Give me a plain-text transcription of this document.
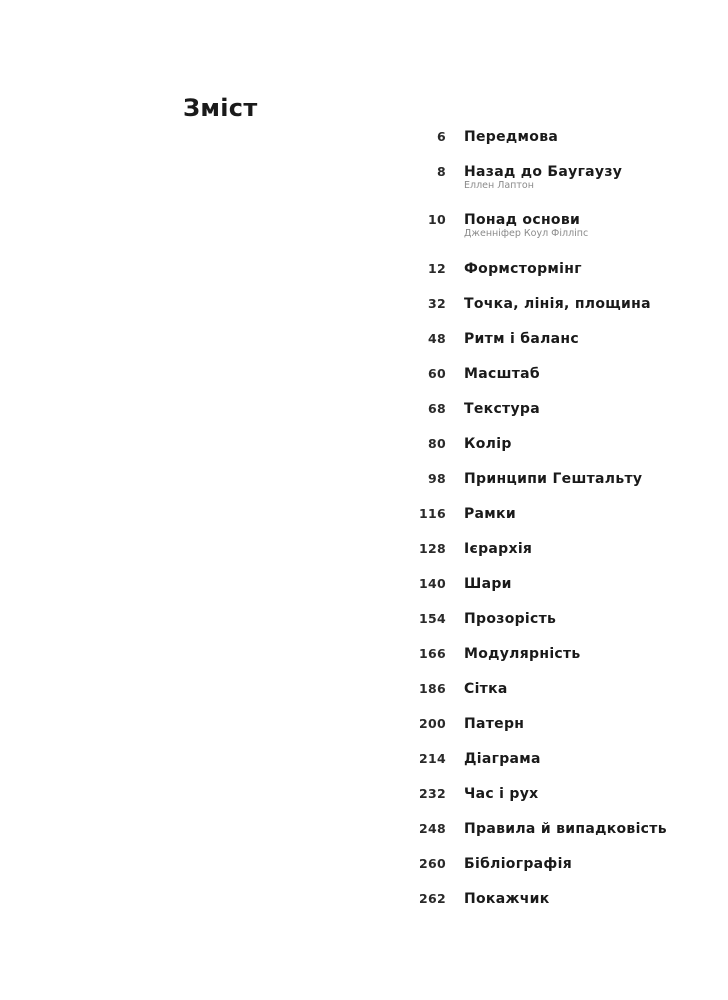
Зміст
6 Передмова
8 Назад до Баугаузу
Еллен Лаптон
10 Понад основи
Дженніфер Коул Філліпс
12 Формстормінг
32 Точка, лінія, площина
48 Ритм і баланс
60 Масштаб
68 Текстура
80 Колір
98 Принципи Гештальту
116 Рамки
128 Ієрархія
140 Шари
154 Прозорість
166 Модулярність
186 Сітка
200 Патерн
214 Діаграма
232 Час і рух
248 Правила й випадковість
260 Бібліографія
262 Покажчик
